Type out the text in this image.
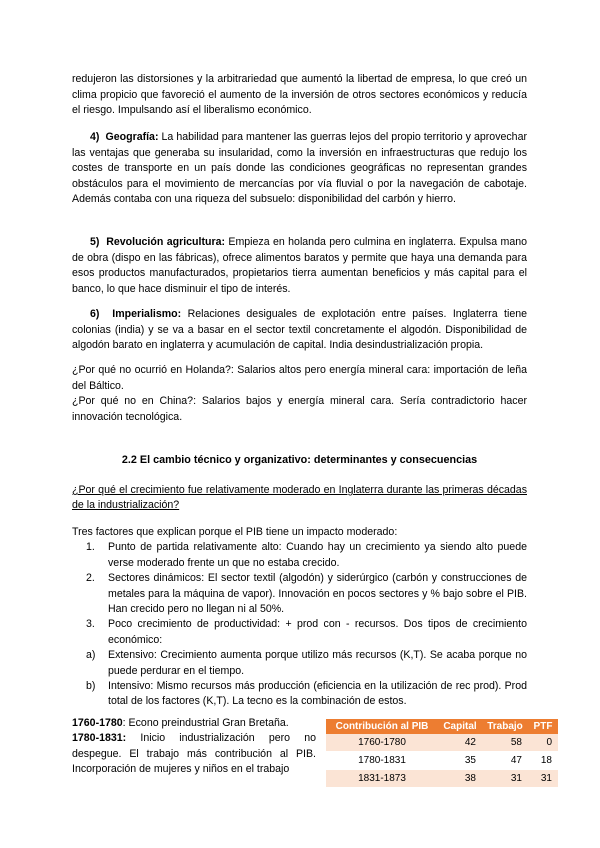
redujeron las distorsiones y la arbitrariedad que aumentó la libertad de empresa, lo que creó un clima propicio que favoreció el aumento de la inversión de otros sectores económicos y reducía el riesgo. Impulsando así el liberalismo económico.
4) Geografía: La habilidad para mantener las guerras lejos del propio territorio y aprovechar las ventajas que generaba su insularidad, como la inversión en infraestructuras que redujo los costes de transporte en un país donde las condiciones geográficas no representan grandes obstáculos para el movimiento de mercancías por vía fluvial o por la navegación de cabotaje. Además contaba con una riqueza del subsuelo: disponibilidad del carbón y hierro.
5) Revolución agricultura: Empieza en holanda pero culmina en inglaterra. Expulsa mano de obra (dispo en las fábricas), ofrece alimentos baratos y permite que haya una demanda para esos productos manufacturados, propietarios tierra aumentan beneficios y más capital para el banco, lo que hace disminuir el tipo de interés.
6) Imperialismo: Relaciones desiguales de explotación entre países. Inglaterra tiene colonias (india) y se va a basar en el sector textil concretamente el algodón. Disponibilidad de algodón barato en inglaterra y acumulación de capital. India desindustrialización propia.
¿Por qué no ocurrió en Holanda?: Salarios altos pero energía mineral cara: importación de leña del Báltico.
¿Por qué no en China?: Salarios bajos y energía mineral cara. Sería contradictorio hacer innovación tecnológica.
2.2 El cambio técnico y organizativo: determinantes y consecuencias
¿Por qué el crecimiento fue relativamente moderado en Inglaterra durante las primeras décadas de la industrialización?
Tres factores que explican porque el PIB tiene un impacto moderado:
1. Punto de partida relativamente alto: Cuando hay un crecimiento ya siendo alto puede verse moderado frente un que no estaba crecido.
2. Sectores dinámicos: El sector textil (algodón) y siderúrgico (carbón y construcciones de metales para la máquina de vapor). Innovación en pocos sectores y % bajo sobre el PIB. Han crecido pero no llegan ni al 50%.
3. Poco crecimiento de productividad: + prod con - recursos. Dos tipos de crecimiento económico:
a) Extensivo: Crecimiento aumenta porque utilizo más recursos (K,T). Se acaba porque no puede perdurar en el tiempo.
b) Intensivo: Mismo recursos más producción (eficiencia en la utilización de rec prod). Prod total de los factores (K,T). La tecno es la combinación de estos.
1760-1780: Econo preindustrial Gran Bretaña.
1780-1831: Inicio industrialización pero no despegue. El trabajo más contribución al PIB. Incorporación de mujeres y niños en el trabajo
Contribución al PIB	Capital	Trabajo	PTF
1760-1780	42	58	0
1780-1831	35	47	18
1831-1873	38	31	31
